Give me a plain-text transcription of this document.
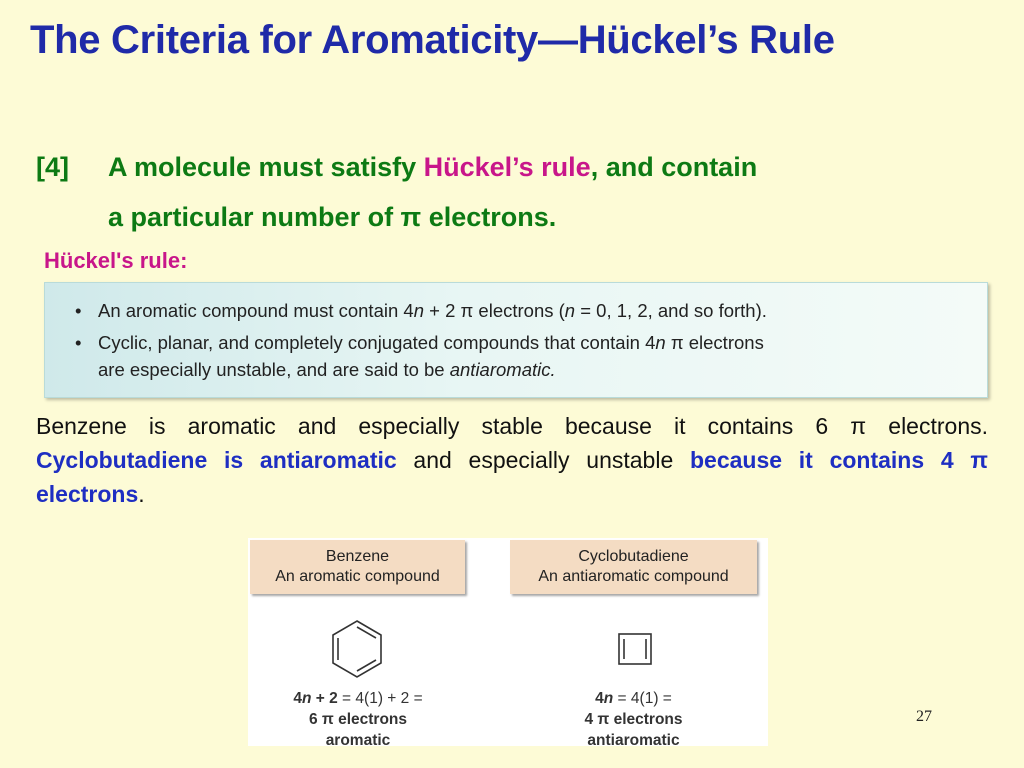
The Criteria for Aromaticity—Hückel’s Rule
[4] A molecule must satisfy Hückel’s rule, and contain
a particular number of π electrons.
Hückel's rule:
• An aromatic compound must contain 4n + 2 π electrons (n = 0, 1, 2, and so forth).
• Cyclic, planar, and completely conjugated compounds that contain 4n π electrons
are especially unstable, and are said to be antiaromatic.
Benzene is aromatic and especially stable because it contains 6 π electrons. Cyclobutadiene is antiaromatic and especially unstable because it contains 4 π electrons.
Benzene
An aromatic compound
Cyclobutadiene
An antiaromatic compound
4n + 2 = 4(1) + 2 =
6 π electrons
aromatic
4n = 4(1) =
4 π electrons
antiaromatic
27
